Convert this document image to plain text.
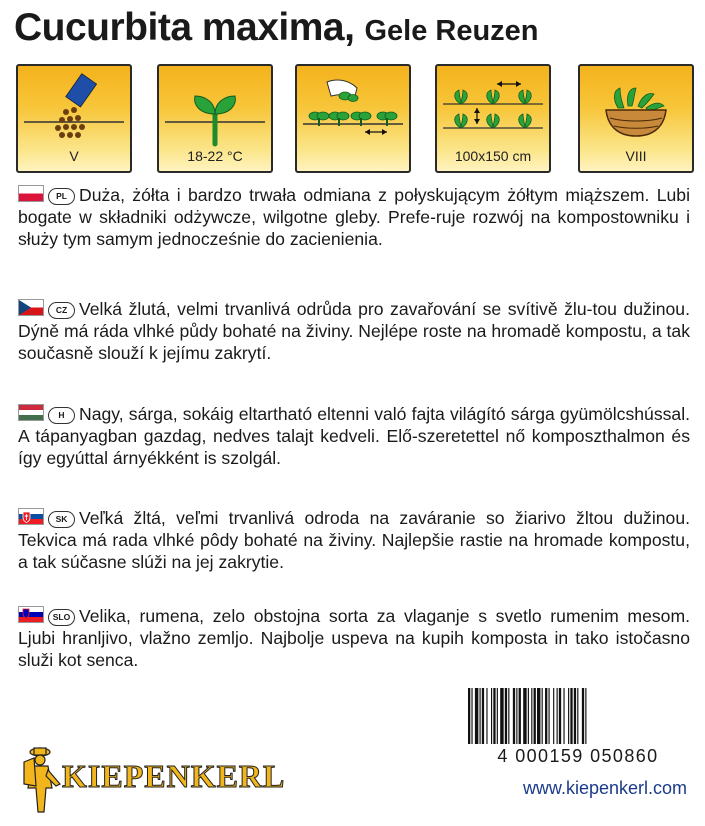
Cucurbita maxima, Gele Reuzen
V	18-22 °C	100x150 cm	VIII
PL Duża, żółta i bardzo trwała odmiana z połyskującym żółtym miąższem. Lubi bogate w składniki odżywcze, wilgotne gleby. Prefe-ruje rozwój na kompostowniku i służy tym samym jednocześnie do zacienienia.
CZ Velká žlutá, velmi trvanlivá odrůda pro zavařování se svítivě žlu-tou dužinou. Dýně má ráda vlhké půdy bohaté na živiny. Nejlépe roste na hromadě kompostu, a tak současně slouží k jejímu zakrytí.
H Nagy, sárga, sokáig eltartható eltenni való fajta világító sárga gyümölcshússal. A tápanyagban gazdag, nedves talajt kedveli. Elő-szeretettel nő komposzthalmon és így egyúttal árnyékként is szolgál.
SK Veľká žltá, veľmi trvanlivá odroda na zaváranie so žiarivo žltou dužinou. Tekvica má rada vlhké pôdy bohaté na živiny. Najlepšie rastie na hromade kompostu, a tak súčasne slúži na jej zakrytie.
SLO Velika, rumena, zelo obstojna sorta za vlaganje s svetlo rumenim mesom. Ljubi hranljivo, vlažno zemljo. Najbolje uspeva na kupih komposta in tako istočasno služi kot senca.
4 000159 050860
KIEPENKERL	www.kiepenkerl.com
